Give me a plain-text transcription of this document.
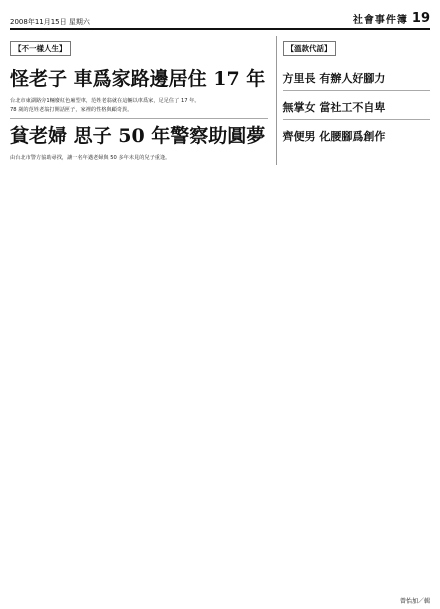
2008年11月15日 星期六	社會事件簿 19
【不一樣人生】
怪老子 車爲家路邊居住 17 年

台北市東湖路旁1輛廢紅色廂型車，范姓老翁就在這輛以車爲家，足足住了 17 年。

78 歲的范姓老翁打開話匣子，家裡的性格與顧奇異。

貧老婦 思子 50 年警察助圓夢

由台北市警方協助尋找，讓一名年邁老婦與 50 多年未見的兒子重逢。

【溫款代話】
方里長 有辦人好腳力
無掌女 當社工不自卑
齊便男 化腰腳爲創作
曾怡加／輯
